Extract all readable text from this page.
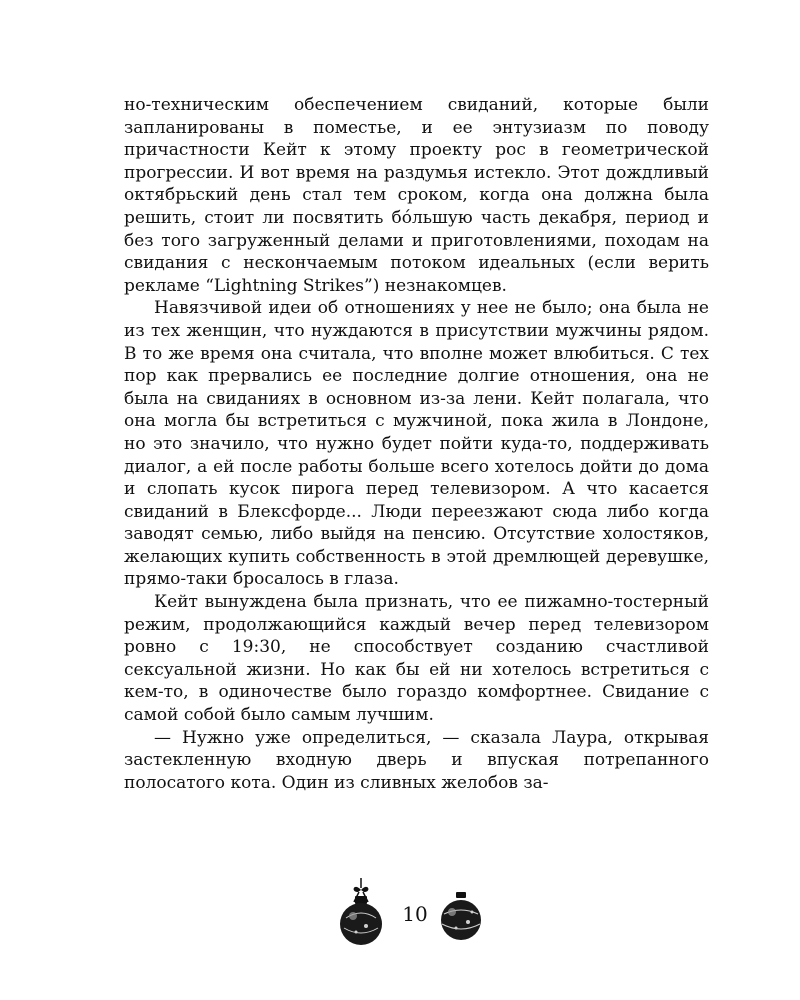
но-техническим обеспечением свиданий, которые были запланированы в поместье, и ее энтузиазм по поводу причастности Кейт к этому проекту рос в геометрической прогрессии. И вот время на раздумья истекло. Этот дождливый октябрьский день стал тем сроком, когда она должна была решить, стоит ли посвятить бóльшую часть декабря, период и без того загруженный делами и приготовлениями, походам на свидания с нескончаемым потоком идеальных (если верить рекламе “Lightning Strikes”) незнакомцев.

Навязчивой идеи об отношениях у нее не было; она была не из тех женщин, что нуждаются в присутствии мужчины рядом. В то же время она считала, что вполне может влюбиться. С тех пор как прервались ее последние долгие отношения, она не была на свиданиях в основном из-за лени. Кейт полагала, что она могла бы встретиться с мужчиной, пока жила в Лондоне, но это значило, что нужно будет пойти куда-то, поддерживать диалог, а ей после работы больше всего хотелось дойти до дома и слопать кусок пирога перед телевизором. А что касается свиданий в Блексфорде... Люди переезжают сюда либо когда заводят семью, либо выйдя на пенсию. Отсутствие холостяков, желающих купить собственность в этой дремлющей деревушке, прямо-таки бросалось в глаза.

Кейт вынуждена была признать, что ее пижамно-тостерный режим, продолжающийся каждый вечер перед телевизором ровно с 19:30, не способствует созданию счастливой сексуальной жизни. Но как бы ей ни хотелось встретиться с кем-то, в одиночестве было гораздо комфортнее. Свидание с самой собой было самым лучшим.

— Нужно уже определиться, — сказала Лаура, открывая застекленную входную дверь и впуская потрепанного полосатого кота. Один из сливных желобов за-

10
